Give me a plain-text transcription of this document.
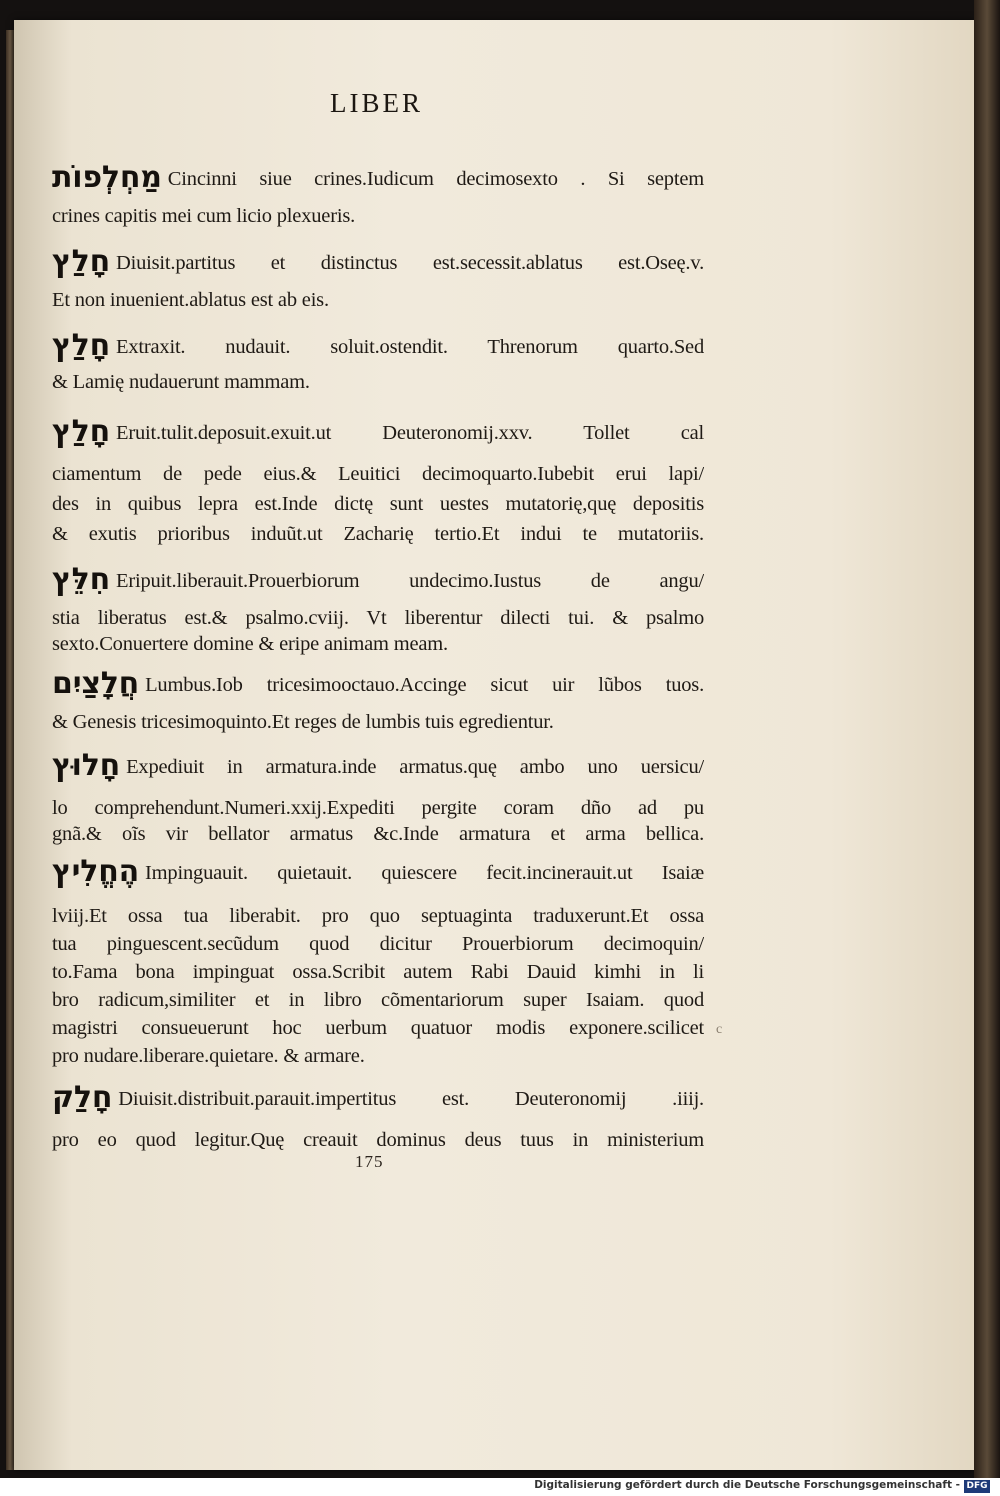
LIBER
מַחְלְפוֹת Cincinni siue crines.Iudicum decimosexto . Si septem
crines capitis mei cum licio plexueris.
חָלַץ Diuisit.partitus et distinctus est.secessit.ablatus est.Oseę.v.
Et non inuenient.ablatus est ab eis.
חָלַץ Extraxit. nudauit. soluit.ostendit. Threnorum quarto.Sed
& Lamię nudauerunt mammam.
חָלַץ Eruit.tulit.deposuit.exuit.ut Deuteronomij.xxv. Tollet cal
ciamentum de pede eius.& Leuitici decimoquarto.Iubebit erui lapi/
des in quibus lepra est.Inde dictę sunt uestes mutatorię,quę depositis
& exutis prioribus induũt.ut Zacharię tertio.Et indui te mutatoriis.
חִלֵּץ Eripuit.liberauit.Prouerbiorum undecimo.Iustus de angu/
stia liberatus est.& psalmo.cviij. Vt liberentur dilecti tui. & psalmo
sexto.Conuertere domine & eripe animam meam.
חֲלָצַיִם Lumbus.Iob tricesimooctauo.Accinge sicut uir lũbos tuos.
& Genesis tricesimoquinto.Et reges de lumbis tuis egredientur.
חָלוּץ Expediuit in armatura.inde armatus.quę ambo uno uersicu/
lo comprehendunt.Numeri.xxij.Expediti pergite coram dño ad pu
gnã.& oĩs vir bellator armatus &c.Inde armatura et arma bellica.
הֶחֱלִיץ Impinguauit. quietauit. quiescere fecit.incinerauit.ut Isaiæ
lviij.Et ossa tua liberabit. pro quo septuaginta traduxerunt.Et ossa
tua pinguescent.secũdum quod dicitur Prouerbiorum decimoquin/
to.Fama bona impinguat ossa.Scribit autem Rabi Dauid kimhi in li
bro radicum,similiter et in libro cõmentariorum super Isaiam. quod
magistri consueuerunt hoc uerbum quatuor modis exponere.scilicet
pro nudare.liberare.quietare. & armare.
חָלַק Diuisit.distribuit.parauit.impertitus est. Deuteronomij .iiij.
pro eo quod legitur.Quę creauit dominus deus tuus in ministerium
175
c
Digitalisierung gefördert durch die Deutsche Forschungsgemeinschaft - DFG
